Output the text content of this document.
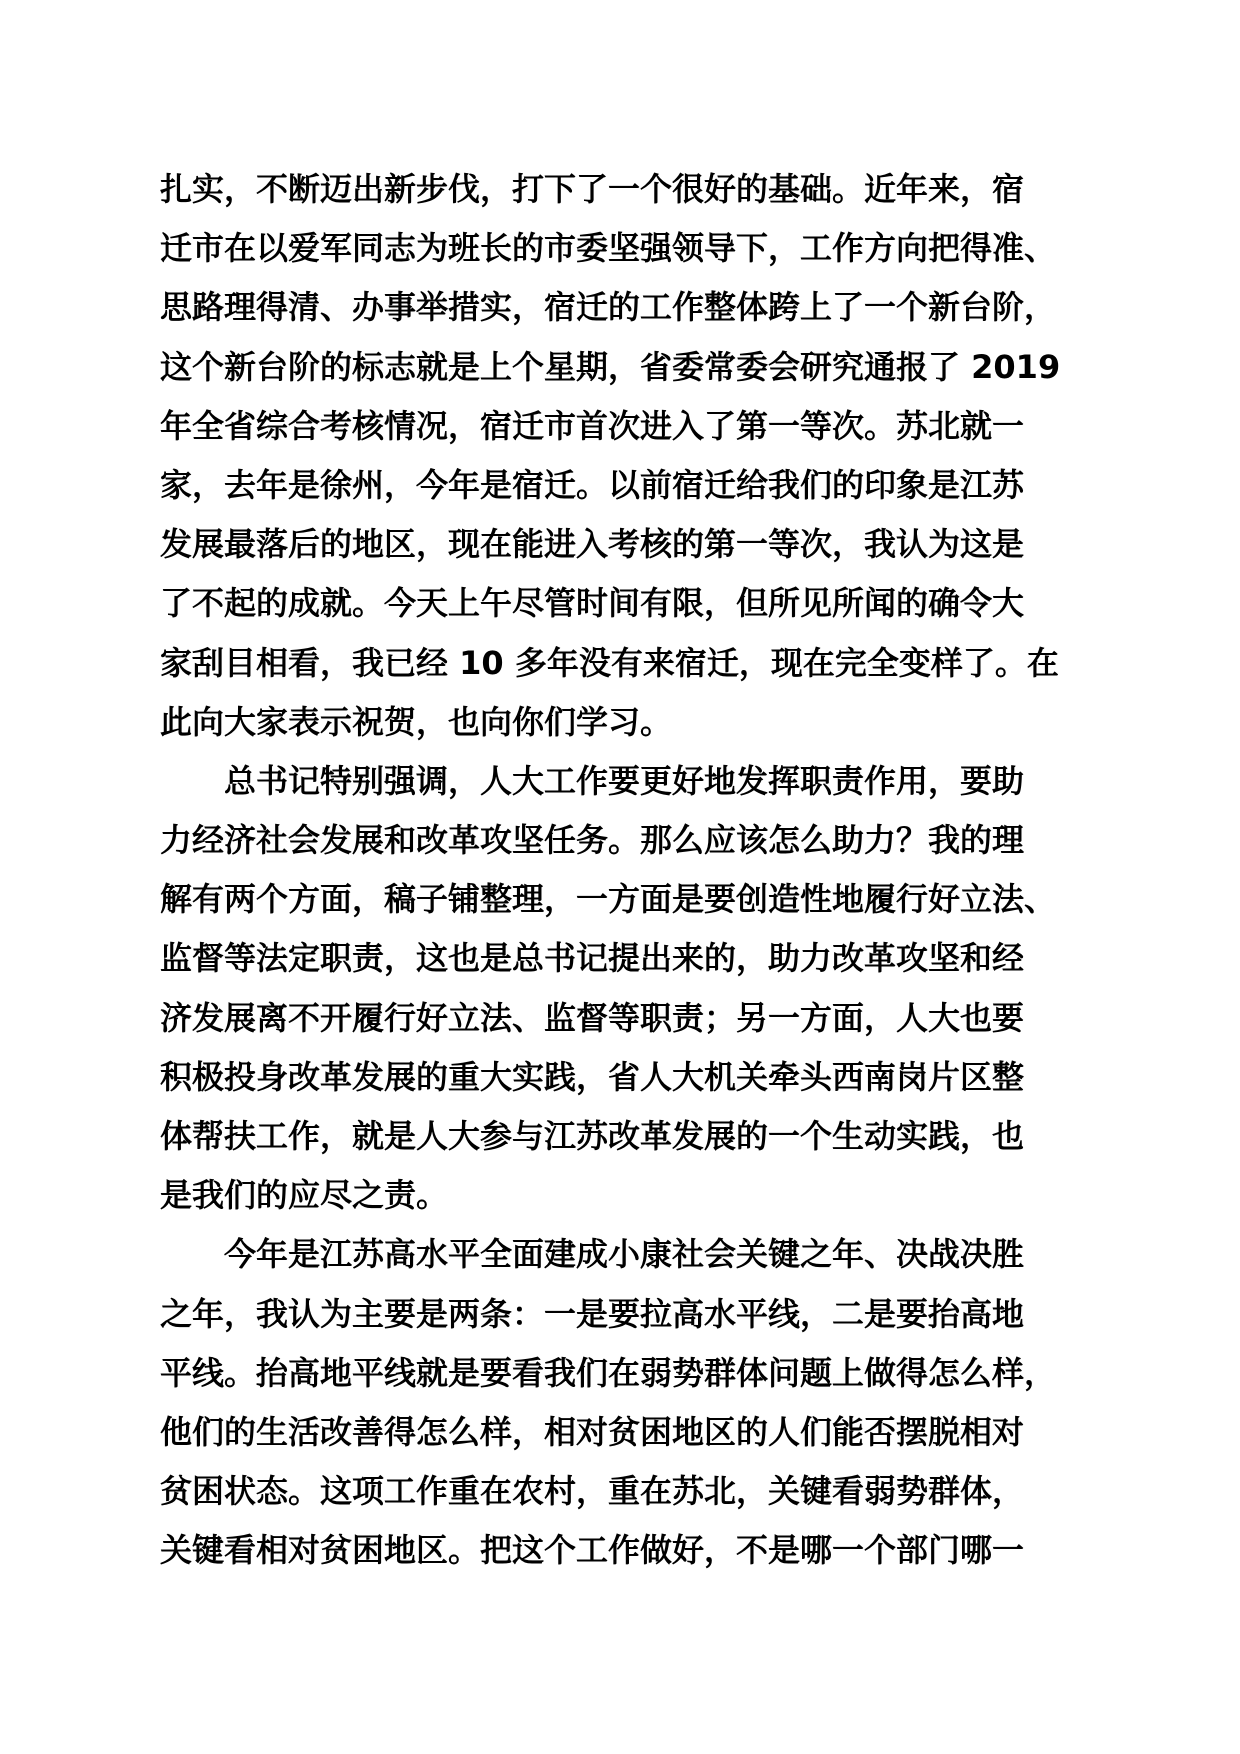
扎实，不断迈出新步伐，打下了一个很好的基础。近年来，宿
迁市在以爱军同志为班长的市委坚强领导下，工作方向把得准、
思路理得清、办事举措实，宿迁的工作整体跨上了一个新台阶，
这个新台阶的标志就是上个星期，省委常委会研究通报了 2019
年全省综合考核情况，宿迁市首次进入了第一等次。苏北就一
家，去年是徐州，今年是宿迁。以前宿迁给我们的印象是江苏
发展最落后的地区，现在能进入考核的第一等次，我认为这是
了不起的成就。今天上午尽管时间有限，但所见所闻的确令大
家刮目相看，我已经 10 多年没有来宿迁，现在完全变样了。在
此向大家表示祝贺，也向你们学习。
　　总书记特别强调，人大工作要更好地发挥职责作用，要助
力经济社会发展和改革攻坚任务。那么应该怎么助力？我的理
解有两个方面，稿子铺整理，一方面是要创造性地履行好立法、
监督等法定职责，这也是总书记提出来的，助力改革攻坚和经
济发展离不开履行好立法、监督等职责；另一方面，人大也要
积极投身改革发展的重大实践，省人大机关牵头西南岗片区整
体帮扶工作，就是人大参与江苏改革发展的一个生动实践，也
是我们的应尽之责。
　　今年是江苏高水平全面建成小康社会关键之年、决战决胜
之年，我认为主要是两条：一是要拉高水平线，二是要抬高地
平线。抬高地平线就是要看我们在弱势群体问题上做得怎么样，
他们的生活改善得怎么样，相对贫困地区的人们能否摆脱相对
贫困状态。这项工作重在农村，重在苏北，关键看弱势群体，
关键看相对贫困地区。把这个工作做好，不是哪一个部门哪一
